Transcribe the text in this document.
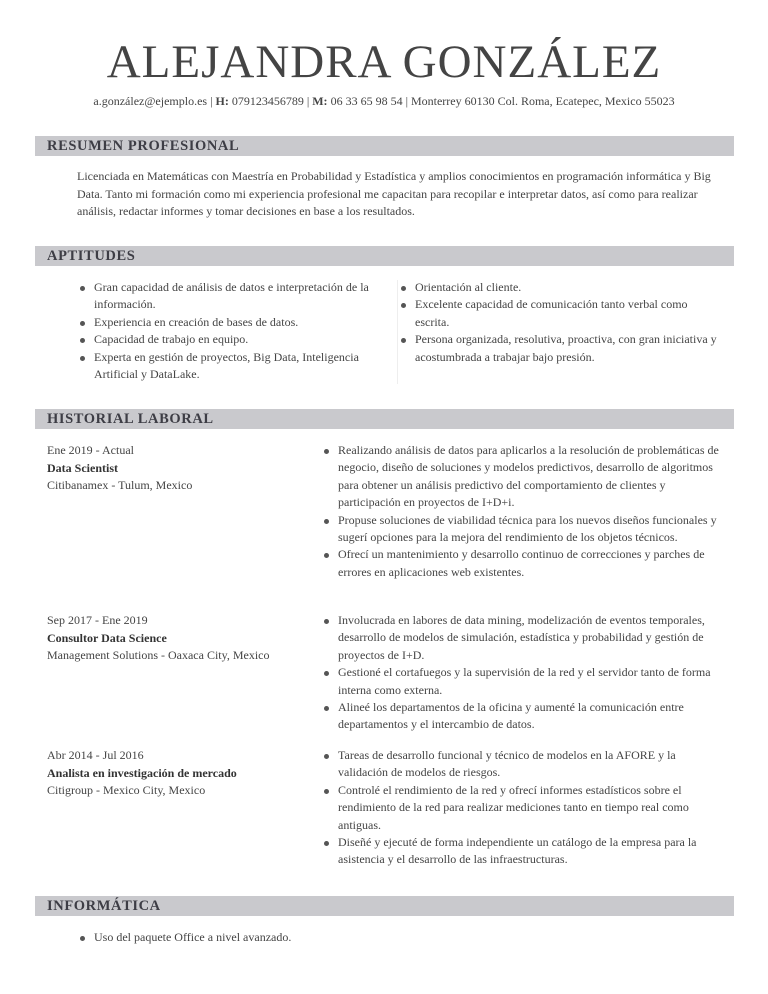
ALEJANDRA GONZÁLEZ
a.gonzález@ejemplo.es | H: 079123456789 | M: 06 33 65 98 54 | Monterrey 60130 Col. Roma, Ecatepec, Mexico 55023
RESUMEN PROFESIONAL
Licenciada en Matemáticas con Maestría en Probabilidad y Estadística y amplios conocimientos en programación informática y Big Data. Tanto mi formación como mi experiencia profesional me capacitan para recopilar e interpretar datos, así como para realizar análisis, redactar informes y tomar decisiones en base a los resultados.
APTITUDES
Gran capacidad de análisis de datos e interpretación de la información.
Experiencia en creación de bases de datos.
Capacidad de trabajo en equipo.
Experta en gestión de proyectos, Big Data, Inteligencia Artificial y DataLake.
Orientación al cliente.
Excelente capacidad de comunicación tanto verbal como escrita.
Persona organizada, resolutiva, proactiva, con gran iniciativa y acostumbrada a trabajar bajo presión.
HISTORIAL LABORAL
Ene 2019 - Actual
Data Scientist
Citibanamex - Tulum, Mexico
Realizando análisis de datos para aplicarlos a la resolución de problemáticas de negocio, diseño de soluciones y modelos predictivos, desarrollo de algoritmos para obtener un análisis predictivo del comportamiento de clientes y participación en proyectos de I+D+i.
Propuse soluciones de viabilidad técnica para los nuevos diseños funcionales y sugerí opciones para la mejora del rendimiento de los objetos técnicos.
Ofrecí un mantenimiento y desarrollo continuo de correcciones y parches de errores en aplicaciones web existentes.
Sep 2017 - Ene 2019
Consultor Data Science
Management Solutions - Oaxaca City, Mexico
Involucrada en labores de data mining, modelización de eventos temporales, desarrollo de modelos de simulación, estadística y probabilidad y gestión de proyectos de I+D.
Gestioné el cortafuegos y la supervisión de la red y el servidor tanto de forma interna como externa.
Alineé los departamentos de la oficina y aumenté la comunicación entre departamentos y el intercambio de datos.
Abr 2014 - Jul 2016
Analista en investigación de mercado
Citigroup - Mexico City, Mexico
Tareas de desarrollo funcional y técnico de modelos en la AFORE y la validación de modelos de riesgos.
Controlé el rendimiento de la red y ofrecí informes estadísticos sobre el rendimiento de la red para realizar mediciones tanto en tiempo real como antiguas.
Diseñé y ejecuté de forma independiente un catálogo de la empresa para la asistencia y el desarrollo de las infraestructuras.
INFORMÁTICA
Uso del paquete Office a nivel avanzado.
